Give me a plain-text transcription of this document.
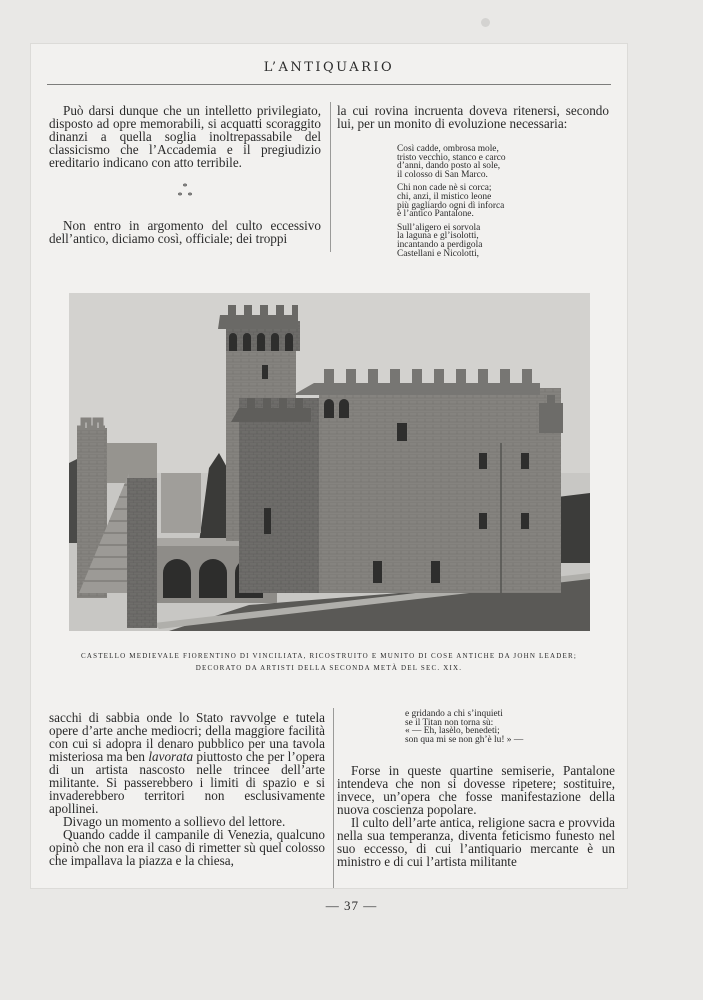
L’ANTIQUARIO

Può darsi dunque che un intelletto privilegiato, disposto ad opre memorabili, si acquatti scoraggito dinanzi a quella soglia inoltrepassabile del classicismo che l’Accademia e il pregiudizio ereditario indicano con atto terribile.

*
*  *

Non entro in argomento del culto eccessivo dell’antico, diciamo così, officiale; dei troppi

la cui rovina incruenta doveva ritenersi, secondo lui, per un monito di evoluzione necessaria:

Così cadde, ombrosa mole,

tristo vecchio, stanco e carco

d’anni, dando posto al sole,

il colosso di San Marco.

Chi non cade nè si corca;

chi, anzi, il mistico leone

più gagliardo ogni dì inforca

è l’antico Pantalone.

Sull’aligero ei sorvola

la laguna e gl’isolotti,

incantando a perdigola

Castellani e Nicolotti,

CASTELLO MEDIEVALE FIORENTINO DI VINCILIATA, RICOSTRUITO E MUNITO DI COSE ANTICHE DA JOHN LEADER;
DECORATO DA ARTISTI DELLA SECONDA METÀ DEL SEC. XIX.

sacchi di sabbia onde lo Stato ravvolge e tutela opere d’arte anche mediocri; della maggiore facilità con cui si adopra il denaro pubblico per una tavola misteriosa ma ben lavorata piuttosto che per l’opera di un artista nascosto nelle trincee dell’arte militante. Si passerebbero i limiti di spazio e si invaderebbero territori non esclusivamente apollinei.

Divago un momento a sollievo del lettore.

Quando cadde il campanile di Venezia, qualcuno opinò che non era il caso di rimetter sù quel colosso che impallava la piazza e la chiesa,

e gridando a chi s’inquieti

se il Titan non torna sù:

« — Eh, lasèlo, benedeti;

son qua mi se non gh’è lu! » —

Forse in queste quartine semiserie, Pantalone intendeva che non si dovesse ripetere; sostituire, invece, un’opera che fosse manifestazione della nuova coscienza popolare.

Il culto dell’arte antica, religione sacra e provvida nella sua temperanza, diventa feticismo funesto nel suo eccesso, di cui l’antiquario mercante è un ministro e di cui l’artista militante

— 37 —
